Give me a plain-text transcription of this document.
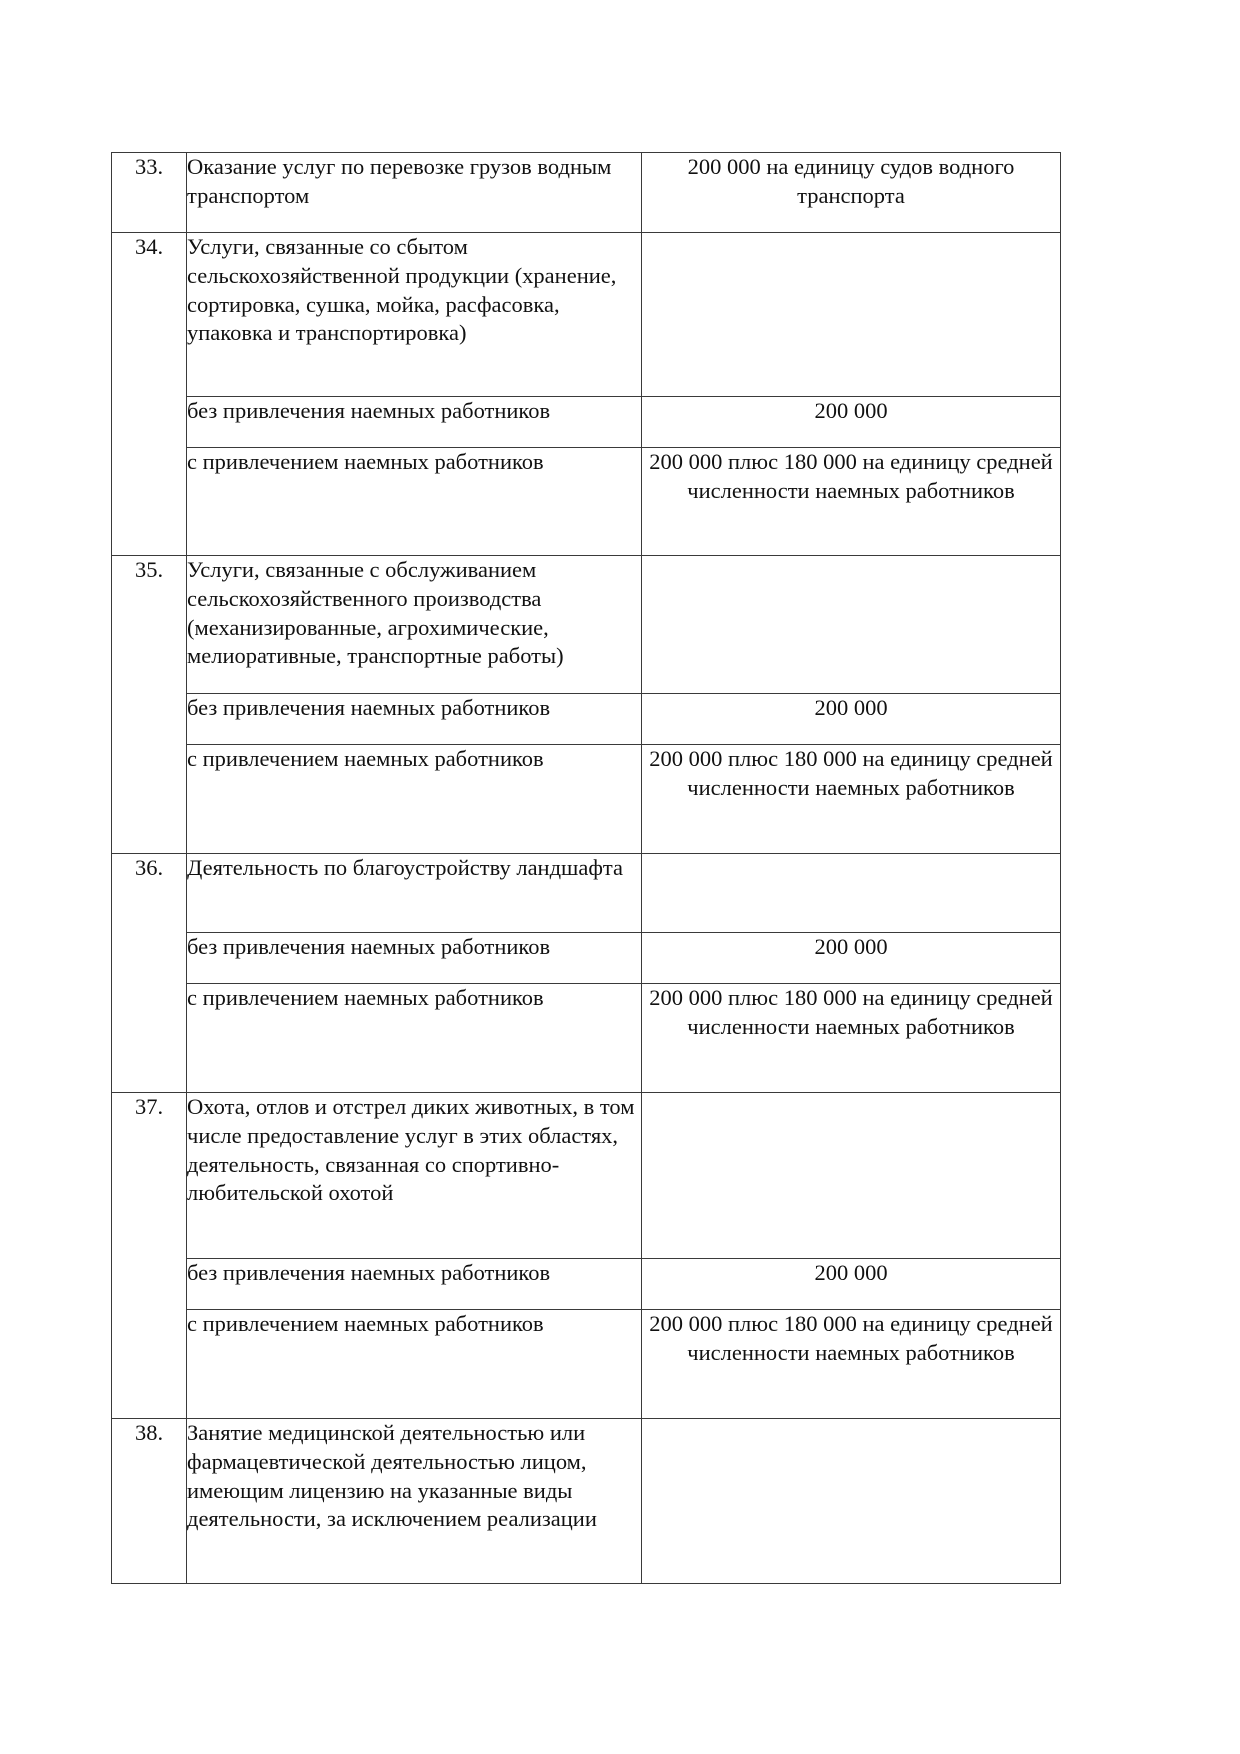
33.	Оказание услуг по перевозке грузов водным транспортом	200 000 на единицу судов водного транспорта
34.	Услуги, связанные со сбытом сельскохозяйственной продукции (хранение, сортировка, сушка, мойка, расфасовка, упаковка и транспортировка)	
	без привлечения наемных работников	200 000
	с привлечением наемных работников	200 000 плюс 180 000 на единицу средней численности наемных работников
35.	Услуги, связанные с обслуживанием сельскохозяйственного производства (механизированные, агрохимические, мелиоративные, транспортные работы)	
	без привлечения наемных работников	200 000
	с привлечением наемных работников	200 000 плюс 180 000 на единицу средней численности наемных работников
36.	Деятельность по благоустройству ландшафта	
	без привлечения наемных работников	200 000
	с привлечением наемных работников	200 000 плюс 180 000 на единицу средней численности наемных работников
37.	Охота, отлов и отстрел диких животных, в том числе предоставление услуг в этих областях, деятельность, связанная со спортивно-любительской охотой	
	без привлечения наемных работников	200 000
	с привлечением наемных работников	200 000 плюс 180 000 на единицу средней численности наемных работников
38.	Занятие медицинской деятельностью или фармацевтической деятельностью лицом, имеющим лицензию на указанные виды деятельности, за исключением реализации	
